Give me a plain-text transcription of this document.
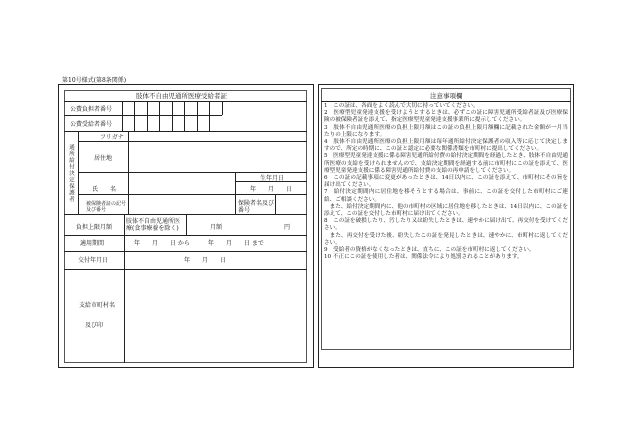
第10号様式(第8条関係)
肢体不自由児通所医療受給者証
公費負担者番号
公費受給者番号
通所給付決定保護者
フリガナ
居住地
生年月日
氏　　名	年　　月　　日
被保険者証の記号及び番号
保険者名及び番号
負担上限月額
肢体不自由児通所医療(食事療養を除く)	月額	円
適用期間	年　　月　　日 から　　　年　　月　　日 まで
交付年月日	年　　月　　日
支給市町村名
及び印
注意事項欄

1　この証は、各面をよく読んで大切に持っていてください。

2　医療型児童発達支援を受けようとするときは、必ずこの証に障害児通所受給者証及び医療保険の被保険者証を添えて、指定医療型児童発達支援事業所に提示してください。

3　肢体不自由児通所医療の負担上限月額はこの証の負担上限月額欄に記載された金額が一月当たりの上限になります。

4　肢体不自由児通所医療の負担上限月額は毎年通所給付決定保護者の収入等に応じて決定しますので、所定の時期に、この証と認定に必要な関係書類を市町村に提出してください。

5　医療型児童発達支援に係る障害児通所給付費の給付決定期間を経過したとき、肢体不自由児通所医療の支給を受けられませんので、支給決定期間を経過する前に市町村にこの証を添えて、医療型児童発達支援に係る障害児通所給付費の支給の再申請をしてください。

6　この証の記載事項に変更があったときは、14日以内に、この証を添えて、市町村にその旨を届け出てください。

7　給付決定期間内に居住地を移そうとする場合は、事前に、この証を交付した市町村にご連絡、ご相談ください。

　また、給付決定期間内に、他の市町村の区域に居住地を移したときは、14日以内に、この証を添えて、この証を交付した市町村に届け出てください。

8　この証を破損したり、汚したり又は紛失したときは、速やかに届け出て、再交付を受けてください。

　また、再交付を受けた後、紛失したこの証を発見したときは、速やかに、市町村に返してください。

9　受給者の資格がなくなったときは、直ちに、この証を市町村に返してください。

10 不正にこの証を使用した者は、関係法令により処罰されることがあります。
